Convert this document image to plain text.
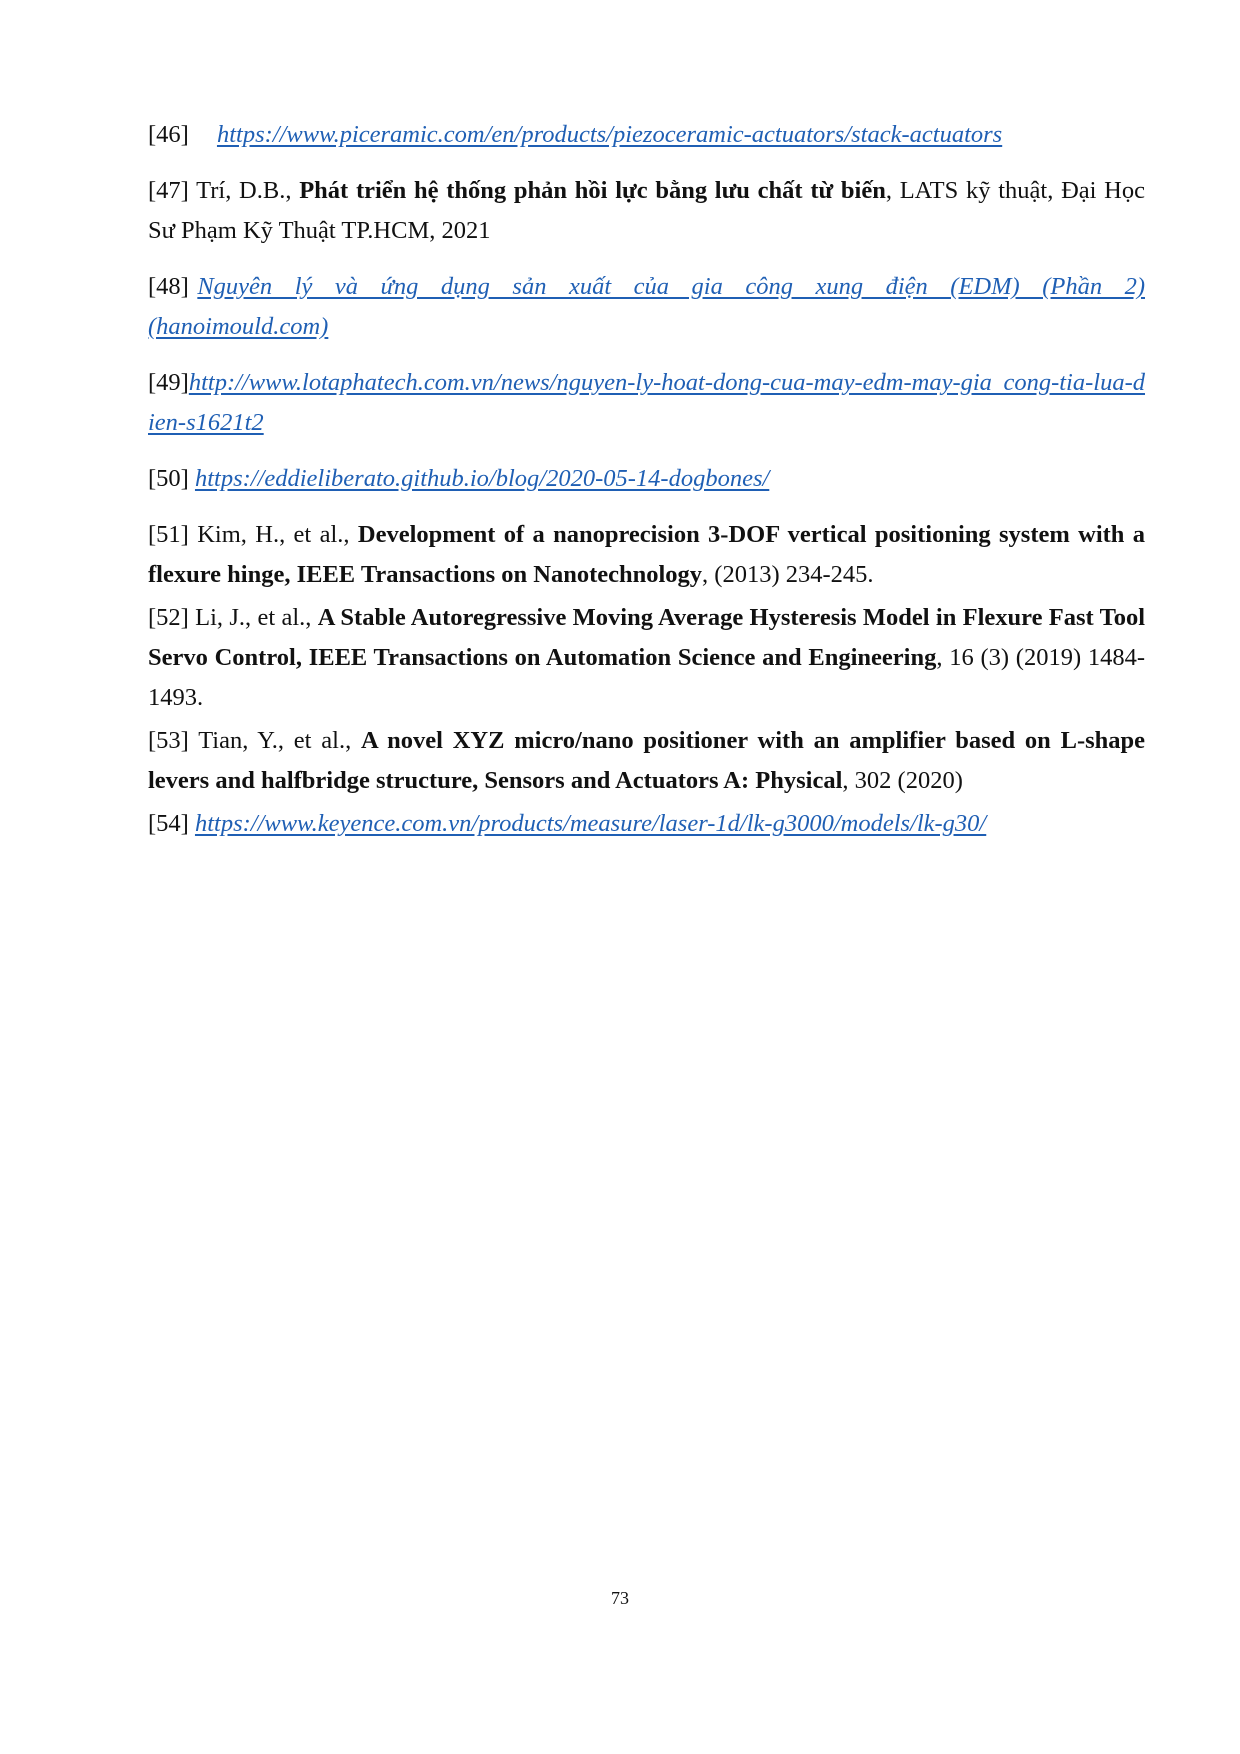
[46] https://www.piceramic.com/en/products/piezoceramic-actuators/stack-actuators

[47] Trí, D.B., Phát triển hệ thống phản hồi lực bằng lưu chất từ biến, LATS kỹ thuật, Đại Học Sư Phạm Kỹ Thuật TP.HCM, 2021

[48] Nguyên lý và ứng dụng sản xuất của gia công xung điện (EDM) (Phần 2) (hanoimould.com)

[49]http://www.lotaphatech.com.vn/news/nguyen-ly-hoat-dong-cua-may-edm-may-gia cong-tia-lua-dien-s1621t2

[50] https://eddieliberato.github.io/blog/2020-05-14-dogbones/

[51] Kim, H., et al., Development of a nanoprecision 3-DOF vertical positioning system with a flexure hinge, IEEE Transactions on Nanotechnology, (2013) 234-245.

[52] Li, J., et al., A Stable Autoregressive Moving Average Hysteresis Model in Flexure Fast Tool Servo Control, IEEE Transactions on Automation Science and Engineering, 16 (3) (2019) 1484-1493.

[53] Tian, Y., et al., A novel XYZ micro/nano positioner with an amplifier based on L-shape levers and halfbridge structure, Sensors and Actuators A: Physical, 302 (2020)

[54] https://www.keyence.com.vn/products/measure/laser-1d/lk-g3000/models/lk-g30/

73
